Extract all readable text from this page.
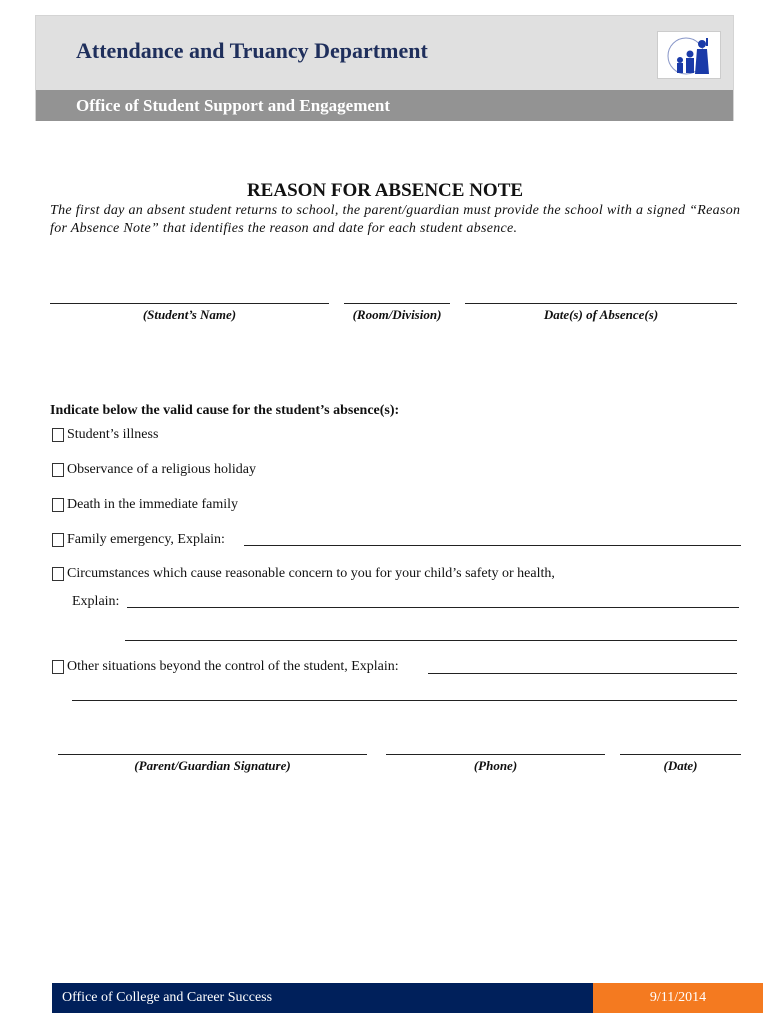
Attendance and Truancy Department
Office of Student Support and Engagement
REASON FOR ABSENCE NOTE

The first day an absent student returns to school, the parent/guardian must provide the school with a signed “Reason for Absence Note” that identifies the reason and date for each student absence.

(Student’s Name)	(Room/Division)	Date(s) of Absence(s)
Indicate below the valid cause for the student’s absence(s):
Student’s illness
Observance of a religious holiday
Death in the immediate family
Family emergency, Explain:
Circumstances which cause reasonable concern to you for your child’s safety or health,
Explain:
Other situations beyond the control of the student, Explain:
(Parent/Guardian Signature)	(Phone)	(Date)
Office of College and Career Success	9/11/2014
